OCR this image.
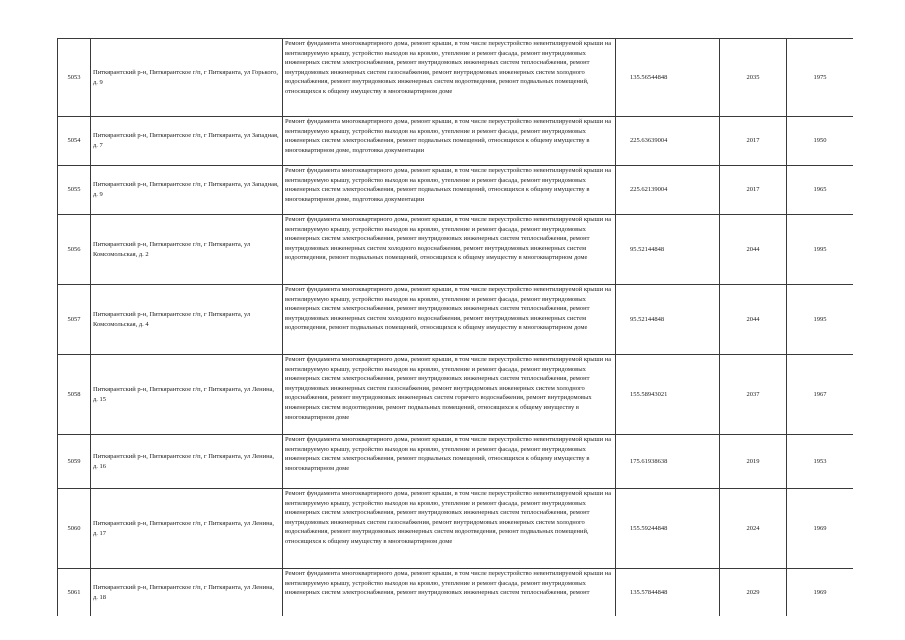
5053	Питкярантский р-н, Питкярантское г/п, г Питкяранта, ул Горького, д. 9	Ремонт фундамента многоквартирного дома, ремонт крыши, в том числе переустройство невентилируемой крыши на вентилируемую крышу, устройство выходов на кровлю, утепление и ремонт фасада, ремонт внутридомовых инженерных систем электроснабжения, ремонт внутридомовых инженерных систем теплоснабжения, ремонт внутридомовых инженерных систем газоснабжения, ремонт внутридомовых инженерных систем холодного водоснабжения, ремонт внутридомовых инженерных систем водоотведения, ремонт подвальных помещений, относящихся к общему имуществу в многоквартирном доме	135.56544848	2035	1975
5054	Питкярантский р-н, Питкярантское г/п, г Питкяранта, ул Западная, д. 7	Ремонт фундамента многоквартирного дома, ремонт крыши, в том числе переустройство невентилируемой крыши на вентилируемую крышу, устройство выходов на кровлю, утепление и ремонт фасада, ремонт внутридомовых инженерных систем электроснабжения, ремонт подвальных помещений, относящихся к общему имуществу в многоквартирном доме, подготовка документации	225.63639004	2017	1950
5055	Питкярантский р-н, Питкярантское г/п, г Питкяранта, ул Западная, д. 9	Ремонт фундамента многоквартирного дома, ремонт крыши, в том числе переустройство невентилируемой крыши на вентилируемую крышу, устройство выходов на кровлю, утепление и ремонт фасада, ремонт внутридомовых инженерных систем электроснабжения, ремонт подвальных помещений, относящихся к общему имуществу в многоквартирном доме, подготовка документации	225.62139004	2017	1965
5056	Питкярантский р-н, Питкярантское г/п, г Питкяранта, ул Комсомольская, д. 2	Ремонт фундамента многоквартирного дома, ремонт крыши, в том числе переустройство невентилируемой крыши на вентилируемую крышу, устройство выходов на кровлю, утепление и ремонт фасада, ремонт внутридомовых инженерных систем электроснабжения, ремонт внутридомовых инженерных систем теплоснабжения, ремонт внутридомовых инженерных систем холодного водоснабжения, ремонт внутридомовых инженерных систем водоотведения, ремонт подвальных помещений, относящихся к общему имуществу в многоквартирном доме	95.52144848	2044	1995
5057	Питкярантский р-н, Питкярантское г/п, г Питкяранта, ул Комсомольская, д. 4	Ремонт фундамента многоквартирного дома, ремонт крыши, в том числе переустройство невентилируемой крыши на вентилируемую крышу, устройство выходов на кровлю, утепление и ремонт фасада, ремонт внутридомовых инженерных систем электроснабжения, ремонт внутридомовых инженерных систем теплоснабжения, ремонт внутридомовых инженерных систем холодного водоснабжения, ремонт внутридомовых инженерных систем водоотведения, ремонт подвальных помещений, относящихся к общему имуществу в многоквартирном доме	95.52144848	2044	1995
5058	Питкярантский р-н, Питкярантское г/п, г Питкяранта, ул Ленина, д. 15	Ремонт фундамента многоквартирного дома, ремонт крыши, в том числе переустройство невентилируемой крыши на вентилируемую крышу, устройство выходов на кровлю, утепление и ремонт фасада, ремонт внутридомовых инженерных систем электроснабжения, ремонт внутридомовых инженерных систем теплоснабжения, ремонт внутридомовых инженерных систем газоснабжения, ремонт внутридомовых инженерных систем холодного водоснабжения, ремонт внутридомовых инженерных систем горячего водоснабжения, ремонт внутридомовых инженерных систем водоотведения, ремонт подвальных помещений, относящихся к общему имуществу в многоквартирном доме	155.58943021	2037	1967
5059	Питкярантский р-н, Питкярантское г/п, г Питкяранта, ул Ленина, д. 16	Ремонт фундамента многоквартирного дома, ремонт крыши, в том числе переустройство невентилируемой крыши на вентилируемую крышу, устройство выходов на кровлю, утепление и ремонт фасада, ремонт внутридомовых инженерных систем электроснабжения, ремонт подвальных помещений, относящихся к общему имуществу в многоквартирном доме	175.61938638	2019	1953
5060	Питкярантский р-н, Питкярантское г/п, г Питкяранта, ул Ленина, д. 17	Ремонт фундамента многоквартирного дома, ремонт крыши, в том числе переустройство невентилируемой крыши на вентилируемую крышу, устройство выходов на кровлю, утепление и ремонт фасада, ремонт внутридомовых инженерных систем электроснабжения, ремонт внутридомовых инженерных систем теплоснабжения, ремонт внутридомовых инженерных систем газоснабжения, ремонт внутридомовых инженерных систем холодного водоснабжения, ремонт внутридомовых инженерных систем водоотведения, ремонт подвальных помещений, относящихся к общему имуществу в многоквартирном доме	155.59244848	2024	1969
5061	Питкярантский р-н, Питкярантское г/п, г Питкяранта, ул Ленина, д. 18	Ремонт фундамента многоквартирного дома, ремонт крыши, в том числе переустройство невентилируемой крыши на вентилируемую крышу, устройство выходов на кровлю, утепление и ремонт фасада, ремонт внутридомовых инженерных систем электроснабжения, ремонт внутридомовых инженерных систем теплоснабжения, ремонт	135.57844848	2029	1969
